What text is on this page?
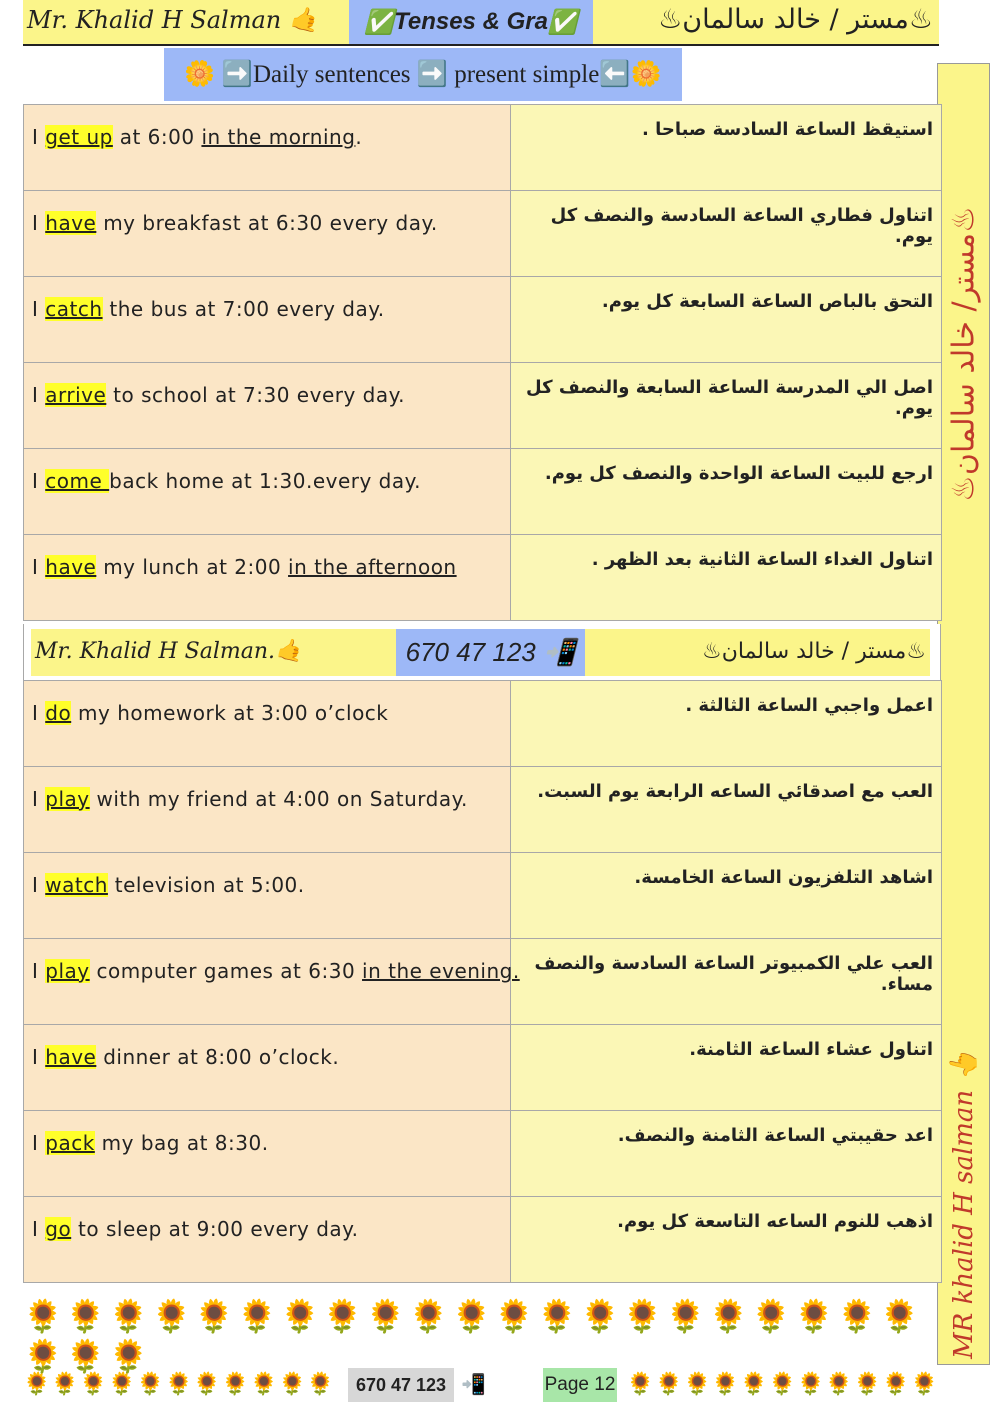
Mr. Khalid H Salman 🤙 ✅ Tenses & Gra ✅	♨مستر / خالد سالمان♨
🌼
➡️ Daily sentences
➡️
present simple ⬅️ 🌼
♨مستر/ خالد سالمان♨
MR khalid H salman 👆
I get up at 6:00 in the morning.	استيقظ الساعة السادسة صباحا .

I have my breakfast at 6:30 every day.	اتناول فطاري الساعة السادسة والنصف كل يوم.

I catch the bus at 7:00 every day.	التحق بالباص الساعة السابعة كل يوم.

I arrive to school at 7:30 every day.	اصل الي المدرسة الساعة السابعة والنصف كل يوم.

I come back home at 1:30.every day.	ارجع للبيت الساعة الواحدة والنصف كل يوم.

I have my lunch at 2:00 in the afternoon	اتناول الغداء الساعة الثانية بعد الظهر .
Mr. Khalid H Salman.🤙	670 47 123
📲	♨مستر / خالد سالمان♨
I do my homework at 3:00 o’clock	اعمل واجبي الساعة الثالثة .

I play with my friend at 4:00 on Saturday.	العب مع اصدقائي الساعه الرابعة يوم السبت.

I watch television at 5:00.	اشاهد التلفزيون الساعة الخامسة.

I play computer games at 6:30 in the evening.	العب علي الكمبيوتر الساعة السادسة والنصف مساء.

I have dinner at 8:00 o’clock.	اتناول عشاء الساعة الثامنة.

I pack my bag at 8:30.	اعد حقيبتي الساعة الثامنة والنصف.

I go to sleep at 9:00 every day.	اذهب للنوم الساعه التاسعة كل يوم.
🌻🌻🌻🌻🌻🌻🌻🌻🌻🌻🌻🌻🌻🌻🌻🌻🌻🌻🌻🌻🌻🌻🌻🌻
🌻🌻🌻🌻🌻🌻🌻🌻🌻🌻🌻 670 47 123 📲	Page 12 🌻🌻🌻🌻🌻🌻🌻🌻🌻🌻🌻
